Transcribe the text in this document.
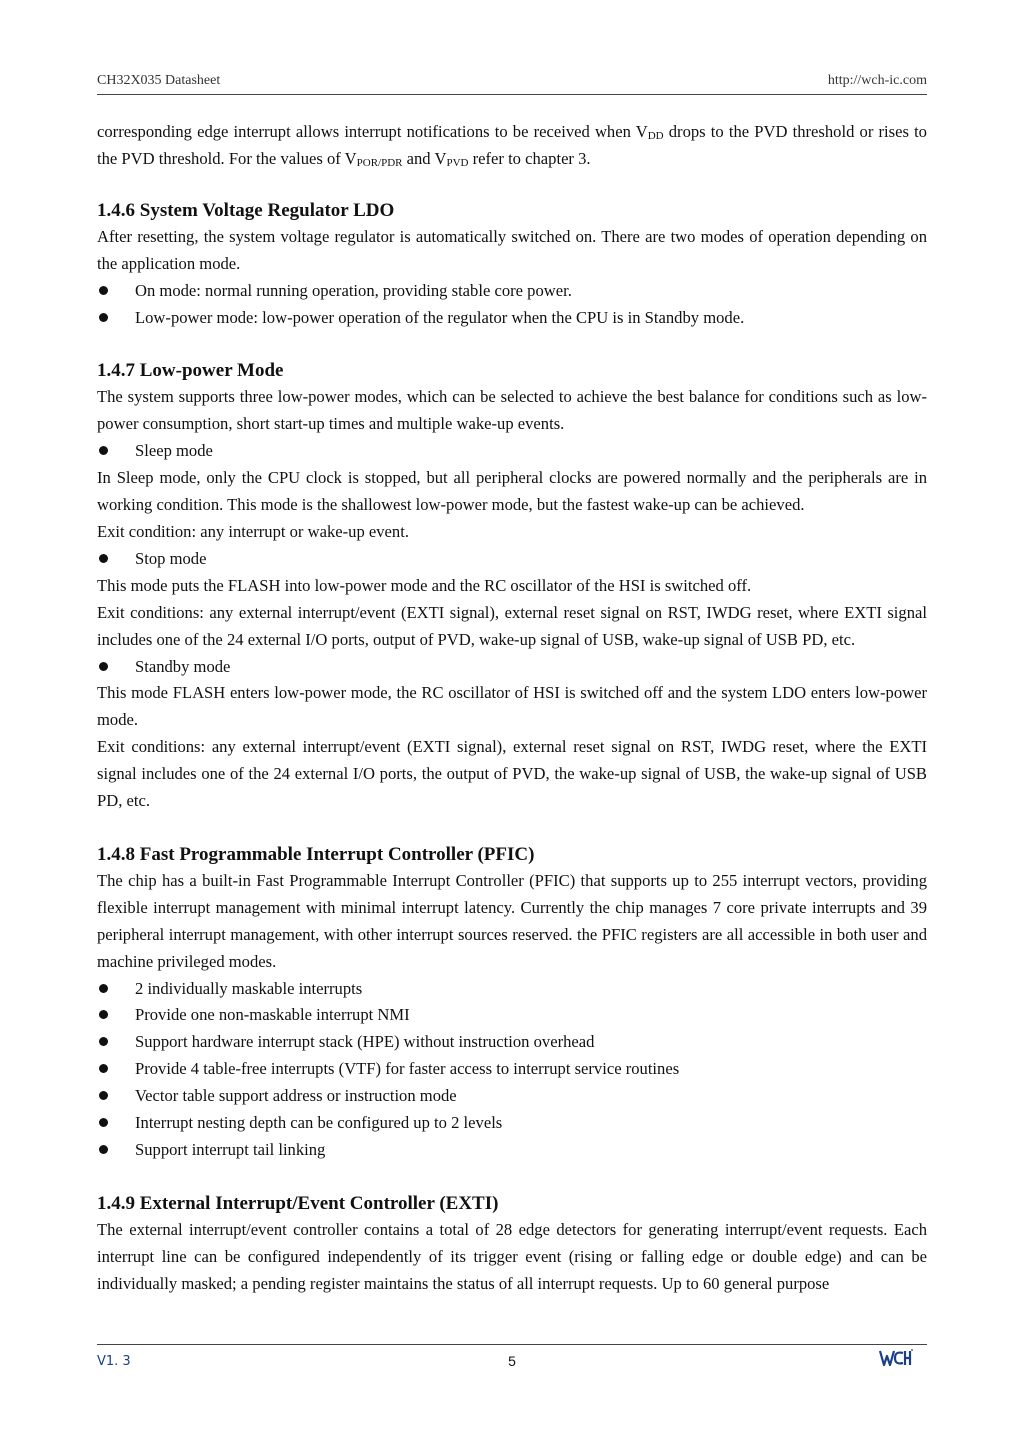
CH32X035 Datasheet	http://wch-ic.com

corresponding edge interrupt allows interrupt notifications to be received when $V_{DD}$ drops to the PVD threshold or rises to the PVD threshold. For the values of $V_{POR/PDR}$ and $V_{PVD}$ refer to chapter 3.

1.4.6 System Voltage Regulator LDO

After resetting, the system voltage regulator is automatically switched on. There are two modes of operation depending on the application mode.

On mode: normal running operation, providing stable core power.
Low-power mode: low-power operation of the regulator when the CPU is in Standby mode.
1.4.7 Low-power Mode

The system supports three low-power modes, which can be selected to achieve the best balance for conditions such as low-power consumption, short start-up times and multiple wake-up events.

Sleep mode

In Sleep mode, only the CPU clock is stopped, but all peripheral clocks are powered normally and the peripherals are in working condition. This mode is the shallowest low-power mode, but the fastest wake-up can be achieved.

Exit condition: any interrupt or wake-up event.

Stop mode

This mode puts the FLASH into low-power mode and the RC oscillator of the HSI is switched off.

Exit conditions: any external interrupt/event (EXTI signal), external reset signal on RST, IWDG reset, where EXTI signal includes one of the 24 external I/O ports, output of PVD, wake-up signal of USB, wake-up signal of USB PD, etc.

Standby mode

This mode FLASH enters low-power mode, the RC oscillator of HSI is switched off and the system LDO enters low-power mode.

Exit conditions: any external interrupt/event (EXTI signal), external reset signal on RST, IWDG reset, where the EXTI signal includes one of the 24 external I/O ports, the output of PVD, the wake-up signal of USB, the wake-up signal of USB PD, etc.

1.4.8 Fast Programmable Interrupt Controller (PFIC)

The chip has a built-in Fast Programmable Interrupt Controller (PFIC) that supports up to 255 interrupt vectors, providing flexible interrupt management with minimal interrupt latency. Currently the chip manages 7 core private interrupts and 39 peripheral interrupt management, with other interrupt sources reserved. the PFIC registers are all accessible in both user and machine privileged modes.

2 individually maskable interrupts
Provide one non-maskable interrupt NMI
Support hardware interrupt stack (HPE) without instruction overhead
Provide 4 table-free interrupts (VTF) for faster access to interrupt service routines
Vector table support address or instruction mode
Interrupt nesting depth can be configured up to 2 levels
Support interrupt tail linking
1.4.9 External Interrupt/Event Controller (EXTI)

The external interrupt/event controller contains a total of 28 edge detectors for generating interrupt/event requests. Each interrupt line can be configured independently of its trigger event (rising or falling edge or double edge) and can be individually masked; a pending register maintains the status of all interrupt requests. Up to 60 general purpose

V1. 3	5
